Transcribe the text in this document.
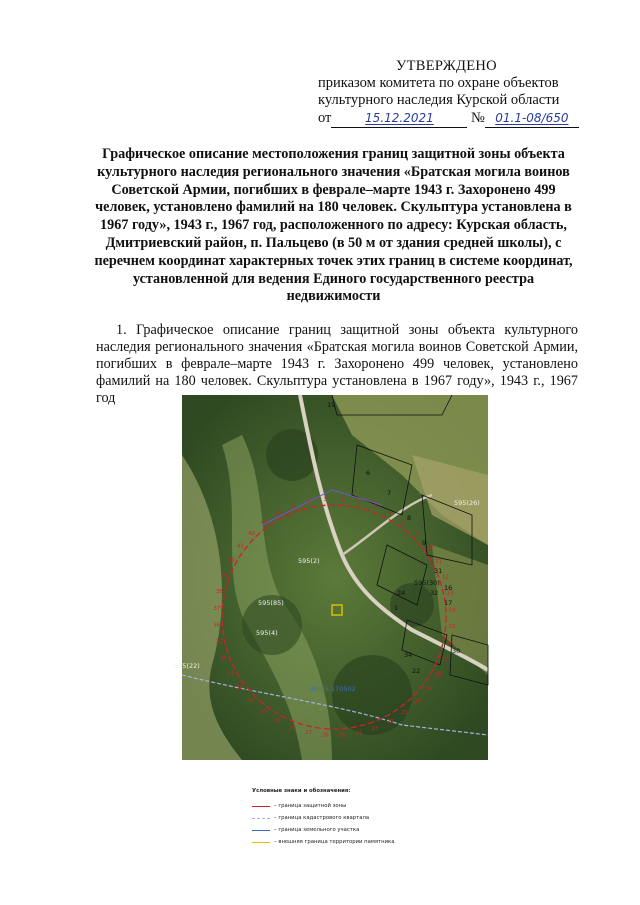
УТВЕРЖДЕНО
приказом комитета по охране объектов
культурного наследия Курской области
от	15.12.2021	№ 01.1-08/650
Графическое описание местоположения границ защитной зоны объекта культурного наследия регионального значения «Братская могила воинов Советской Армии, погибших в феврале–марте 1943 г. Захоронено 499 человек, установлено фамилий на 180 человек. Скульптура установлена в 1967 году», 1943 г., 1967 год, расположенного по адресу: Курская область, Дмитриевский район, п. Пальцево (в 50 м от здания средней школы), с перечнем координат характерных точек этих границ в системе координат, установленной для ведения Единого государственного реестра недвижимости
1. Графическое описание границ защитной зоны объекта культурного наследия регионального значения «Братская могила воинов Советской Армии, погибших в феврале–марте 1943 г. Захоронено 499 человек, установлено фамилий на 180 человек. Скульптура установлена в 1967 году», 1943 г., 1967 год	19
595(26)
595(85)
595(4)
595(2)
595(30)
6
7
8
9
31
32
24
34
22
16
17
30
1
595(22)
46:05:170502
1
2 3 4 5
6
7
8
9
10
11
12
13
14
15
16
17
18
19
20
21
22
23
24
25
26
27
28
29
30
31
32
33
34
35
36
37
38
39
40
41
42
43
44
Условные знаки и обозначения:
– граница защитной зоны
– граница кадастрового квартала
– граница земельного участка
– внешняя граница территории памятника
